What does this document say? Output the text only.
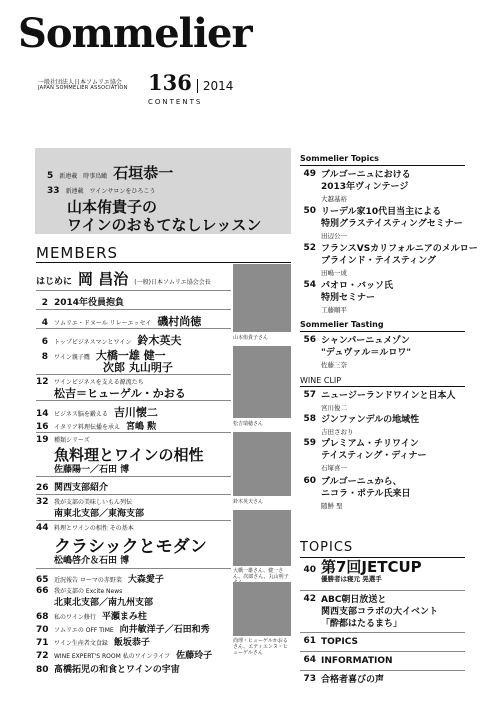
Sommelier
一般社団法人日本ソムリエ協会
JAPAN SOMMELIER ASSOCIATION 136 2014
CONTENTS
5 新連載 時事鳥瞰 石垣恭一
33 新連載 ワインサロンをひろこう
山本侑貴子の
ワインのおもてなしレッスン
MEMBERS
はじめに 岡 昌治 (一般)日本ソムリエ協会会長
2 2014年役員抱負
4 ソムリエ・ドヌール リレーエッセイ 磯村尚徳
6 トップビジネスマンとワイン 鈴木英夫
8 ワイン親子鷹 大橋一雄 健一
次郎 丸山明子
12 ワインビジネスを支える源流たち
松吉＝ヒューゲル・かおる
14 ビジネス脳を鍛える 吉川懐二
16 イタリア料理伝播を承え 宮嶋 勲
19 種類シリーズ
魚料理とワインの相性
佐藤陽一／石田 博
26 関西支部紹介
32 我が支部の美味しいもん列伝
南東北支部／東海支部
44 料理とワインの相性 その基本
クラシックとモダン
松嶋啓介＆石田 博
65 近況報告 ローマの赤野菜 大森愛子
66 我が支部の Excite News
北東北支部／南九州支部
68 私のワイン修行 平瀬まみ柱
70 ソムリエの OFF TIME 向井敏洋子／石田和秀
71 ワイン生産者文食録 飯坂恭子
72 WINE EXPERT'S ROOM 私のワインライフ 佐藤玲子
80 髙橋拓児の和食とワインの宇宙
山本侑貴子さん
松吉瑞穂さん
鈴木英夫さん
大橋一雄さん、健一さん、次郎さん、丸山明子
尚理・ヒューゲルかおるさん、エティエンヌ・ヒューゲルさん
Sommelier Topics
49 ブルゴーニュにおける
2013年ヴィンテージ
大越基裕
50 リーデル家10代目当主による
特別グラステイスティングセミナー
田辺公一
52 フランスVSカリフォルニアのメルロー
ブラインド・テイスティング
田嶋一成
54 パオロ・バッソ氏
特別セミナー
工藤順平
Sommelier Tasting
56 シャンパーニュメゾン
"デュヴァル＝ルロワ"
佐藤三奈
WINE CLIP
57 ニュージーランドワインと日本人
宮川俊二
58 ジンファンデルの地域性
吉田さおり
59 プレミアム・チリワイン
テイスティング・ディナー
石塚喜一
60 ブルゴーニュから、
ニコラ・ポテル氏来日
随鮮 聖
TOPICS
40 第7回JETCUP
優勝者は寝元 晃選手
42 ABC朝日放送と
関西支部コラボの大イベント
「酔都はたるまち」
61 TOPICS
64 INFORMATION
73 合格者喜びの声
